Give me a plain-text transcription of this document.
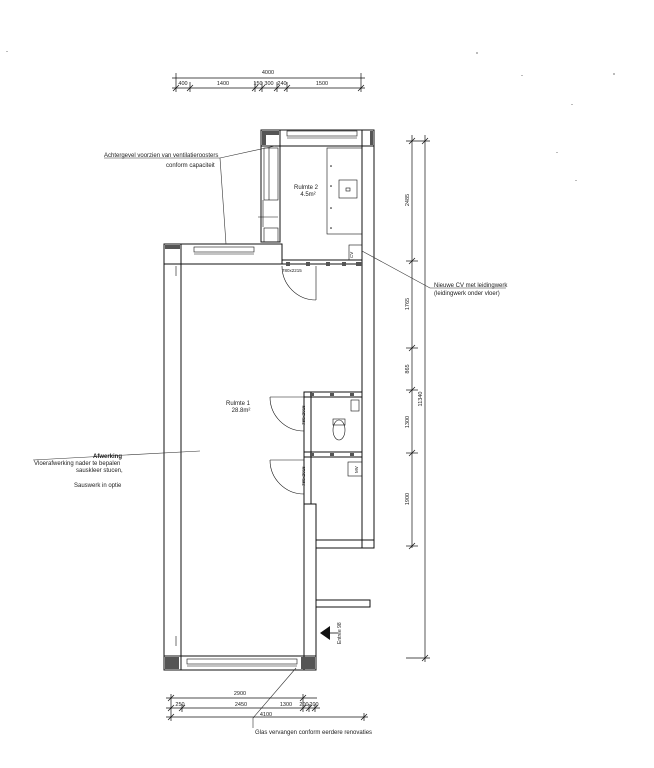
4000
400	1400	150 300 240	1500
2485
1765
865
1300
1900
11340
Rulmte 2
4.5m²
Rulmte 1
28.8m²
780x2215
780x2015
780x2015
CV
MV
Achtergevel voorzien van ventilatieroosters
conform capaciteit
Nieuwe CV met leidingwerk
(leidingwerk onder vloer)
Afwerking
Vloerafwerking nader te bepalen
sauskleer stucen,
Sauswerk in optie
Glas vervangen conform eerdere renovaties
Entree 98
2900
250	2450	1300 200 200
4100
